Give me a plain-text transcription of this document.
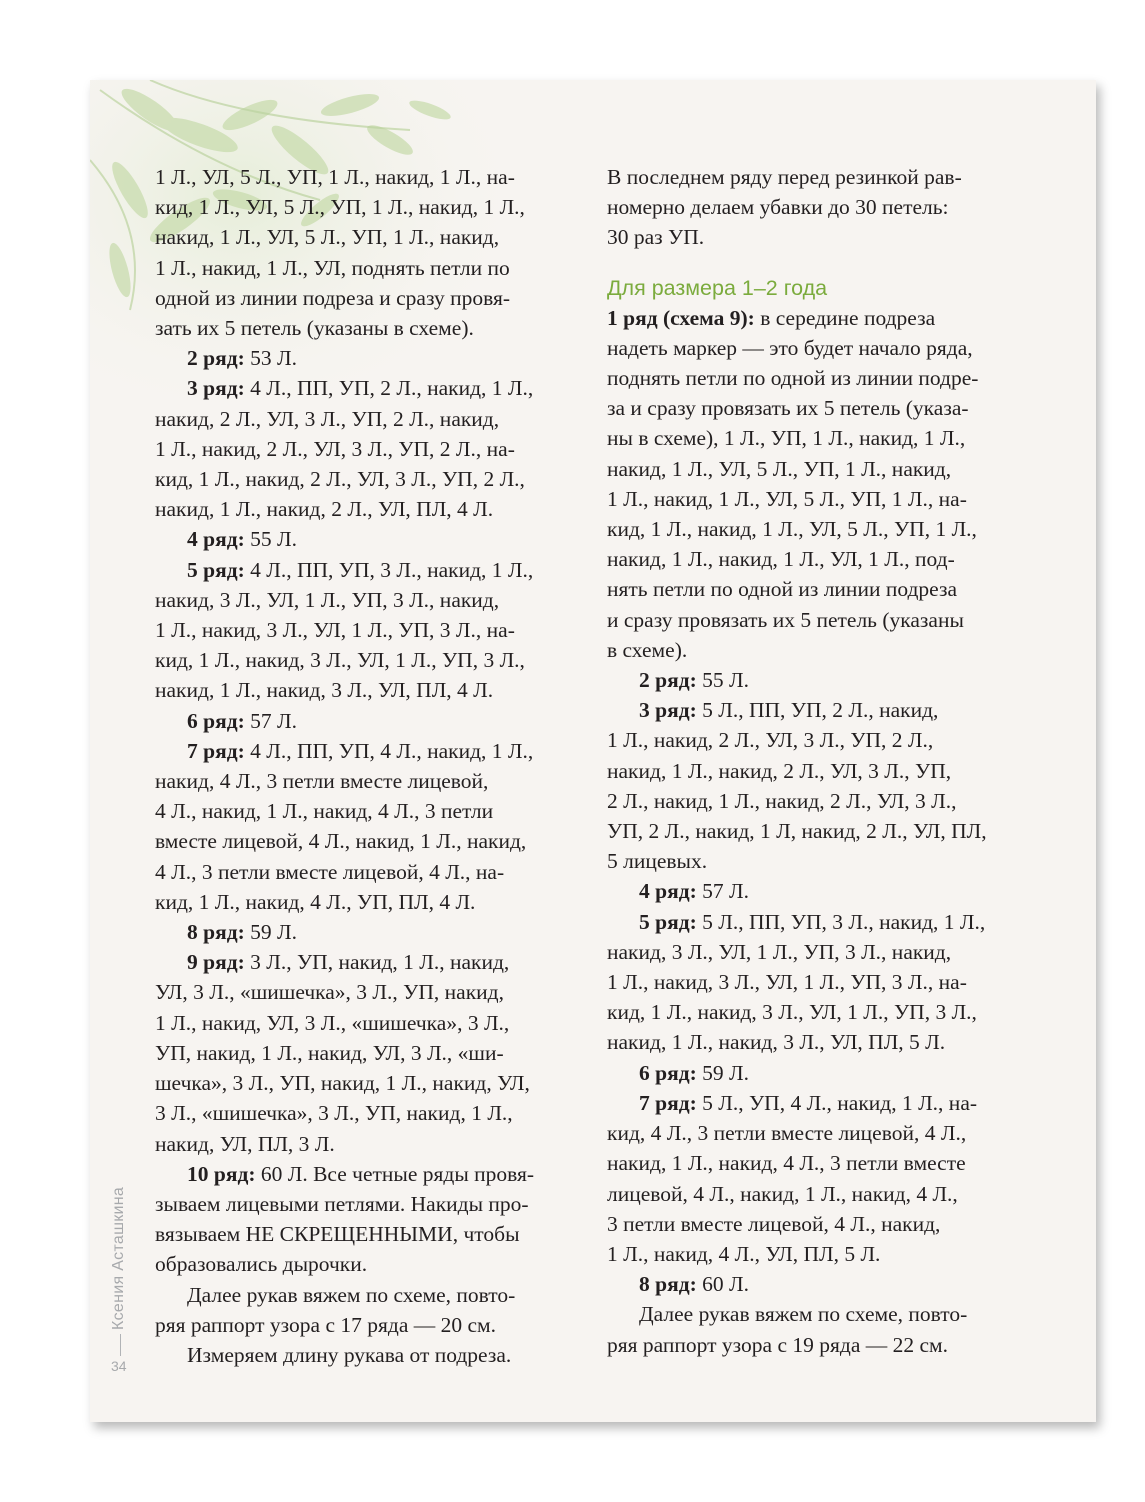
Ксения Асташкина
34
1 Л., УЛ, 5 Л., УП, 1 Л., накид, 1 Л., на-
кид, 1 Л., УЛ, 5 Л., УП, 1 Л., накид, 1 Л.,
накид, 1 Л., УЛ, 5 Л., УП, 1 Л., накид,
1 Л., накид, 1 Л., УЛ, поднять петли по
одной из линии подреза и сразу провя-
зать их 5 петель (указаны в схеме).
2 ряд: 53 Л.
3 ряд: 4 Л., ПП, УП, 2 Л., накид, 1 Л.,
накид, 2 Л., УЛ, 3 Л., УП, 2 Л., накид,
1 Л., накид, 2 Л., УЛ, 3 Л., УП, 2 Л., на-
кид, 1 Л., накид, 2 Л., УЛ, 3 Л., УП, 2 Л.,
накид, 1 Л., накид, 2 Л., УЛ, ПЛ, 4 Л.
4 ряд: 55 Л.
5 ряд: 4 Л., ПП, УП, 3 Л., накид, 1 Л.,
накид, 3 Л., УЛ, 1 Л., УП, 3 Л., накид,
1 Л., накид, 3 Л., УЛ, 1 Л., УП, 3 Л., на-
кид, 1 Л., накид, 3 Л., УЛ, 1 Л., УП, 3 Л.,
накид, 1 Л., накид, 3 Л., УЛ, ПЛ, 4 Л.
6 ряд: 57 Л.
7 ряд: 4 Л., ПП, УП, 4 Л., накид, 1 Л.,
накид, 4 Л., 3 петли вместе лицевой,
4 Л., накид, 1 Л., накид, 4 Л., 3 петли
вместе лицевой, 4 Л., накид, 1 Л., накид,
4 Л., 3 петли вместе лицевой, 4 Л., на-
кид, 1 Л., накид, 4 Л., УП, ПЛ, 4 Л.
8 ряд: 59 Л.
9 ряд: 3 Л., УП, накид, 1 Л., накид,
УЛ, 3 Л., «шишечка», 3 Л., УП, накид,
1 Л., накид, УЛ, 3 Л., «шишечка», 3 Л.,
УП, накид, 1 Л., накид, УЛ, 3 Л., «ши-
шечка», 3 Л., УП, накид, 1 Л., накид, УЛ,
3 Л., «шишечка», 3 Л., УП, накид, 1 Л.,
накид, УЛ, ПЛ, 3 Л.
10 ряд: 60 Л. Все четные ряды провя-
зываем лицевыми петлями. Накиды про-
вязываем НЕ СКРЕЩЕННЫМИ, чтобы
образовались дырочки.
Далее рукав вяжем по схеме, повто-
ряя раппорт узора с 17 ряда — 20 см.
Измеряем длину рукава от подреза.
В последнем ряду перед резинкой рав-
номерно делаем убавки до 30 петель:
30 раз УП.
Для размера 1–2 года
1 ряд (схема 9): в середине подреза
надеть маркер — это будет начало ряда,
поднять петли по одной из линии подре-
за и сразу провязать их 5 петель (указа-
ны в схеме), 1 Л., УП, 1 Л., накид, 1 Л.,
накид, 1 Л., УЛ, 5 Л., УП, 1 Л., накид,
1 Л., накид, 1 Л., УЛ, 5 Л., УП, 1 Л., на-
кид, 1 Л., накид, 1 Л., УЛ, 5 Л., УП, 1 Л.,
накид, 1 Л., накид, 1 Л., УЛ, 1 Л., под-
нять петли по одной из линии подреза
и сразу провязать их 5 петель (указаны
в схеме).
2 ряд: 55 Л.
3 ряд: 5 Л., ПП, УП, 2 Л., накид,
1 Л., накид, 2 Л., УЛ, 3 Л., УП, 2 Л.,
накид, 1 Л., накид, 2 Л., УЛ, 3 Л., УП,
2 Л., накид, 1 Л., накид, 2 Л., УЛ, 3 Л.,
УП, 2 Л., накид, 1 Л, накид, 2 Л., УЛ, ПЛ,
5 лицевых.
4 ряд: 57 Л.
5 ряд: 5 Л., ПП, УП, 3 Л., накид, 1 Л.,
накид, 3 Л., УЛ, 1 Л., УП, 3 Л., накид,
1 Л., накид, 3 Л., УЛ, 1 Л., УП, 3 Л., на-
кид, 1 Л., накид, 3 Л., УЛ, 1 Л., УП, 3 Л.,
накид, 1 Л., накид, 3 Л., УЛ, ПЛ, 5 Л.
6 ряд: 59 Л.
7 ряд: 5 Л., УП, 4 Л., накид, 1 Л., на-
кид, 4 Л., 3 петли вместе лицевой, 4 Л.,
накид, 1 Л., накид, 4 Л., 3 петли вместе
лицевой, 4 Л., накид, 1 Л., накид, 4 Л.,
3 петли вместе лицевой, 4 Л., накид,
1 Л., накид, 4 Л., УЛ, ПЛ, 5 Л.
8 ряд: 60 Л.
Далее рукав вяжем по схеме, повто-
ряя раппорт узора с 19 ряда — 22 см.
